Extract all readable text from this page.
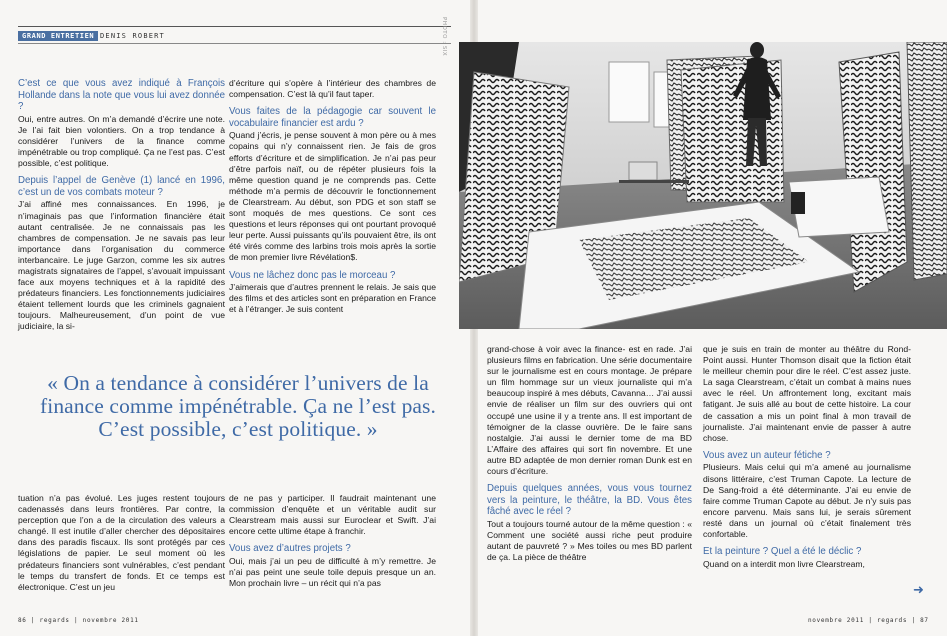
GRAND ENTRETIEN DENIS ROBERT
C’est ce que vous avez indiqué à François Hollande dans la note que vous lui avez donnée ?
Oui, entre autres. On m’a demandé d’écrire une note. Je l’ai fait bien volontiers. On a trop tendance à considérer l’univers de la finance comme impénétrable ou trop compliqué. Ça ne l’est pas. C’est possible, c’est politique.
Depuis l’appel de Genève (1) lancé en 1996, c’est un de vos combats moteur ?
J’ai affiné mes connaissances. En 1996, je n’imaginais pas que l’information financière était autant centralisée. Je ne connaissais pas les chambres de compensation. Je ne savais pas leur importance dans l’organisation du commerce interbancaire. Le juge Garzon, comme les six autres magistrats signataires de l’appel, s’avouait impuissant face aux moyens techniques et à la rapidité des prédateurs financiers. Les fonctionnements judiciaires étaient tellement lourds que les criminels gagnaient toujours. Malheureusement, d’un point de vue judiciaire, la si-
d’écriture qui s’opère à l’intérieur des chambres de compensation. C’est là qu’il faut taper.
Vous faites de la pédagogie car souvent le vocabulaire financier est ardu ?
Quand j’écris, je pense souvent à mon père ou à mes copains qui n’y connaissent rien. Je fais de gros efforts d’écriture et de simplification. Je n’ai pas peur d’être parfois naïf, ou de répéter plusieurs fois la même question quand je ne comprends pas. Cette méthode m’a permis de découvrir le fonctionnement de Clearstream. Au début, son PDG et son staff se sont moqués de mes questions. Ce sont ces questions et leurs réponses qui ont pourtant provoqué leur perte. Aussi puissants qu’ils pouvaient être, ils ont été virés comme des larbins trois mois après la sortie de mon premier livre Révélation$.
Vous ne lâchez donc pas le morceau ?
J’aimerais que d’autres prennent le relais. Je sais que des films et des articles sont en préparation en France et à l’étranger. Je suis content
« On a tendance à considérer l’univers de la finance comme impénétrable. Ça ne l’est pas. C’est possible, c’est politique. »
tuation n’a pas évolué. Les juges restent toujours cadenassés dans leurs frontières. Par contre, la perception que l’on a de la circulation des valeurs a changé. Il est inutile d’aller chercher des dépositaires dans des paradis fiscaux. Ils sont protégés par ces législations de papier. Le seul moment où les prédateurs financiers sont vulnérables, c’est pendant le temps du transfert de fonds. Et ce temps est électronique. C’est un jeu
de ne pas y participer. Il faudrait maintenant une commission d’enquête et un véritable audit sur Clearstream mais aussi sur Euroclear et Swift. J’ai encore cette ultime étape à franchir.
Vous avez d’autres projets ?
Oui, mais j’ai un peu de difficulté à m’y remettre. Je n’ai pas peint une seule toile depuis presque un an. Mon prochain livre – un récit qui n’a pas
PHOTO : SIX
grand-chose à voir avec la finance- est en rade. J’ai plusieurs films en fabrication. Une série documentaire sur le journalisme est en cours montage. Je prépare un film hommage sur un vieux journaliste qui m’a beaucoup inspiré à mes débuts, Cavanna… J’ai aussi envie de réaliser un film sur des ouvriers qui ont occupé une usine il y a trente ans. Il est important de témoigner de la classe ouvrière. De le faire sans nostalgie. J’ai aussi le dernier tome de ma BD L’Affaire des affaires qui sort fin novembre. Et une autre BD adaptée de mon dernier roman Dunk est en cours d’écriture.
Depuis quelques années, vous vous tournez vers la peinture, le théâtre, la BD. Vous êtes fâché avec le réel ?
Tout a toujours tourné autour de la même question : « Comment une société aussi riche peut produire autant de pauvreté ? » Mes toiles ou mes BD parlent de ça. La pièce de théâtre
que je suis en train de monter au théâtre du Rond-Point aussi. Hunter Thomson disait que la fiction était le meilleur chemin pour dire le réel. C’est assez juste. La saga Clearstream, c’était un combat à mains nues avec le réel. Un affrontement long, excitant mais fatigant. Je suis allé au bout de cette histoire. La cour de cassation a mis un point final à mon travail de journaliste. J’ai maintenant envie de passer à autre chose.
Vous avez un auteur fétiche ?
Plusieurs. Mais celui qui m’a amené au journalisme disons littéraire, c’est Truman Capote. La lecture de De Sang-froid a été déterminante. J’ai eu envie de faire comme Truman Capote au début. Je n’y suis pas encore parvenu. Mais sans lui, je serais sûrement resté dans un journal où c’était finalement très confortable.
Et la peinture ? Quel a été le déclic ?
Quand on a interdit mon livre Clearstream,
➜
86 | regards | novembre 2011	novembre 2011 | regards | 87
